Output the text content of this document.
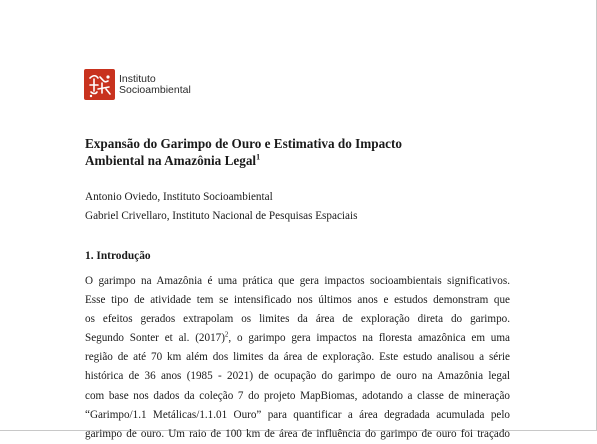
Instituto
Socioambiental
Expansão do Garimpo de Ouro e Estimativa do Impacto
Ambiental na Amazônia Legal$^1$
Antonio Oviedo, Instituto Socioambiental
Gabriel Crivellaro, Instituto Nacional de Pesquisas Espaciais
1. Introdução
O garimpo na Amazônia é uma prática que gera impactos socioambientais significativos.
Esse tipo de atividade tem se intensificado nos últimos anos e estudos demonstram que
os efeitos gerados extrapolam os limites da área de exploração direta do garimpo.
Segundo Sonter et al. $(2017)^2$, o garimpo gera impactos na floresta amazônica em uma
região de até 70 km além dos limites da área de exploração. Este estudo analisou a série
histórica de 36 anos (1985 - 2021) de ocupação do garimpo de ouro na Amazônia legal
com base nos dados da coleção 7 do projeto MapBiomas, adotando a classe de mineração
“Garimpo/1.1 Metálicas/1.1.01 Ouro” para quantificar a área degradada acumulada pelo
garimpo de ouro. Um raio de 100 km de área de influência do garimpo de ouro foi traçado
